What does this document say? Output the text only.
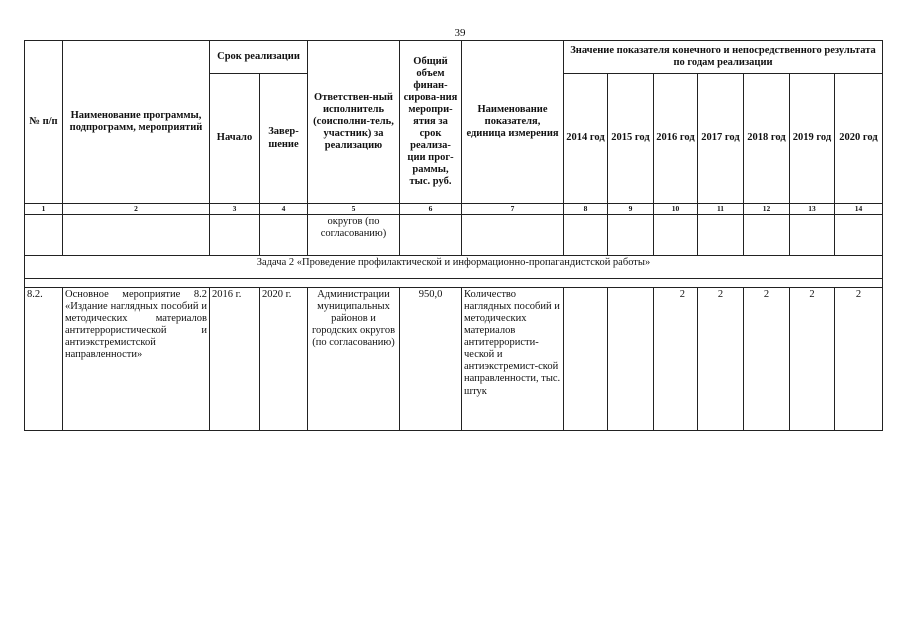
39
№ п/п	Наименование программы, подпрограмм, мероприятий	Срок реализации		Ответствен-ный исполнитель (соисполни-тель, участник) за реализацию	Общий объем финан-сирова-ния меропри-ятия за срок реализа-ции прог-раммы, тыс. руб.	Наименование показателя, единица измерения	Значение показателя конечного и непосредственного результата по годам реализации						
		Начало	Завер-шение				2014 год	2015 год	2016 год	2017 год	2018 год	2019 год	2020 год
1	2	3	4	5	6	7	8	9	10	11	12	13	14
				округов (по согласованию)									
Задача 2 «Проведение профилактической и информационно-пропагандистской работы»													

8.2.	Основное мероприятие 8.2 «Издание наглядных пособий и методических материалов антитеррористической и антиэкстремистской направленности»	2016 г.	2020 г.	Администрации муниципальных районов и городских округов (по согласованию)	950,0	Количество наглядных пособий и методических материалов антитеррористи-ческой и антиэкстремист-ской направленности, тыс. штук			2	2	2	2	2
